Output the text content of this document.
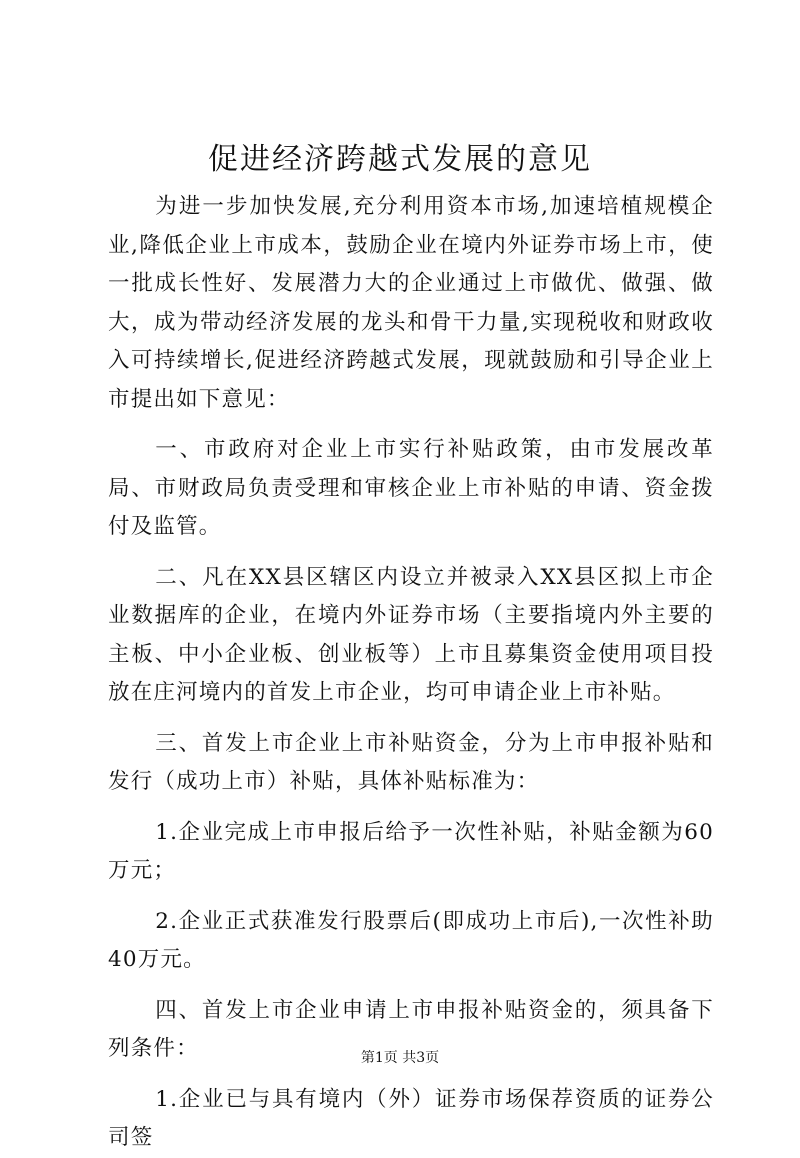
促进经济跨越式发展的意见

为进一步加快发展,充分利用资本市场,加速培植规模企业,降低企业上市成本，鼓励企业在境内外证券市场上市，使一批成长性好、发展潜力大的企业通过上市做优、做强、做大，成为带动经济发展的龙头和骨干力量,实现税收和财政收入可持续增长,促进经济跨越式发展，现就鼓励和引导企业上市提出如下意见：

一、市政府对企业上市实行补贴政策，由市发展改革局、市财政局负责受理和审核企业上市补贴的申请、资金拨付及监管。

二、凡在XX县区辖区内设立并被录入XX县区拟上市企业数据库的企业，在境内外证券市场（主要指境内外主要的主板、中小企业板、创业板等）上市且募集资金使用项目投放在庄河境内的首发上市企业，均可申请企业上市补贴。

三、首发上市企业上市补贴资金，分为上市申报补贴和发行（成功上市）补贴，具体补贴标准为：

1.企业完成上市申报后给予一次性补贴，补贴金额为60万元；

2.企业正式获准发行股票后(即成功上市后),一次性补助40万元。

四、首发上市企业申请上市申报补贴资金的，须具备下列条件：

1.企业已与具有境内（外）证券市场保荐资质的证券公司签

第1页 共3页
